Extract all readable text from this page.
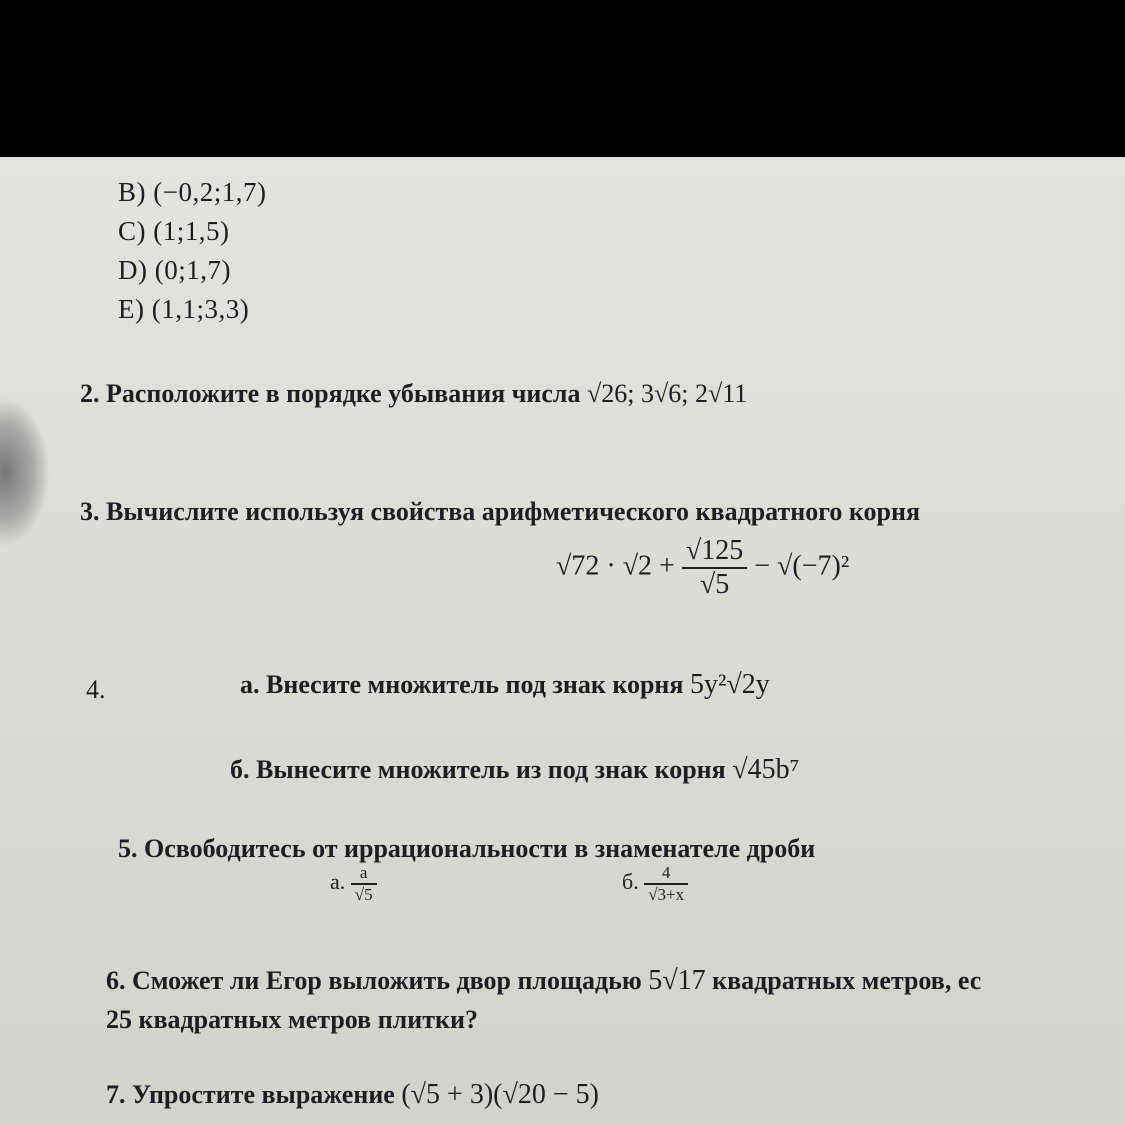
B) (−0,2;1,7)
C) (1;1,5)
D) (0;1,7)
E) (1,1;3,3)
2. Расположите в порядке убывания числа √26; 3√6; 2√11
3. Вычислите используя свойства арифметического квадратного корня
$√72 \cdot √2 + \frac{√125}{√5} - √(-7)^2$
4.	а. Внесите множитель под знак корня 5y²√2y
б. Вынесите множитель из под знак корня √45b⁷
5. Освободитесь от иррациональности в знаменателе дроби
а. $\frac{a}{√5}$	б. $\frac{4}{√3+x}$
6. Сможет ли Егор выложить двор площадью 5√17 квадратных метров, ес
25 квадратных метров плитки?
7. Упростите выражение (√5 + 3)(√20 − 5)
